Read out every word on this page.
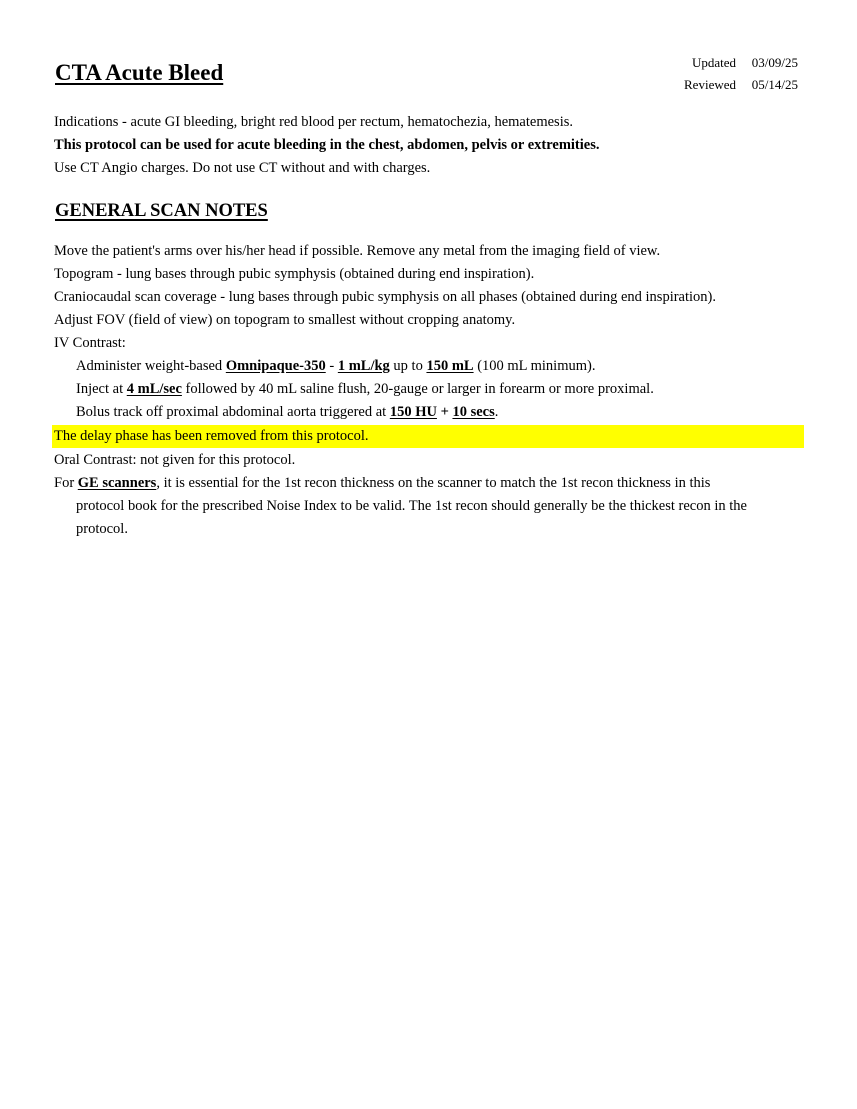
CTA Acute Bleed	Updated	03/09/25
Reviewed	05/14/25
Indications - acute GI bleeding, bright red blood per rectum, hematochezia, hematemesis.
This protocol can be used for acute bleeding in the chest, abdomen, pelvis or extremities.
Use CT Angio charges. Do not use CT without and with charges.
GENERAL SCAN NOTES
Move the patient's arms over his/her head if possible. Remove any metal from the imaging field of view.
Topogram - lung bases through pubic symphysis (obtained during end inspiration).
Craniocaudal scan coverage - lung bases through pubic symphysis on all phases (obtained during end inspiration).
Adjust FOV (field of view) on topogram to smallest without cropping anatomy.
IV Contrast:
Administer weight-based Omnipaque-350 - 1 mL/kg up to 150 mL (100 mL minimum).
Inject at 4 mL/sec followed by 40 mL saline flush, 20-gauge or larger in forearm or more proximal.
Bolus track off proximal abdominal aorta triggered at 150 HU + 10 secs.
The delay phase has been removed from this protocol.
Oral Contrast: not given for this protocol.
For GE scanners, it is essential for the 1st recon thickness on the scanner to match the 1st recon thickness in this
protocol book for the prescribed Noise Index to be valid. The 1st recon should generally be the thickest recon in the protocol.
